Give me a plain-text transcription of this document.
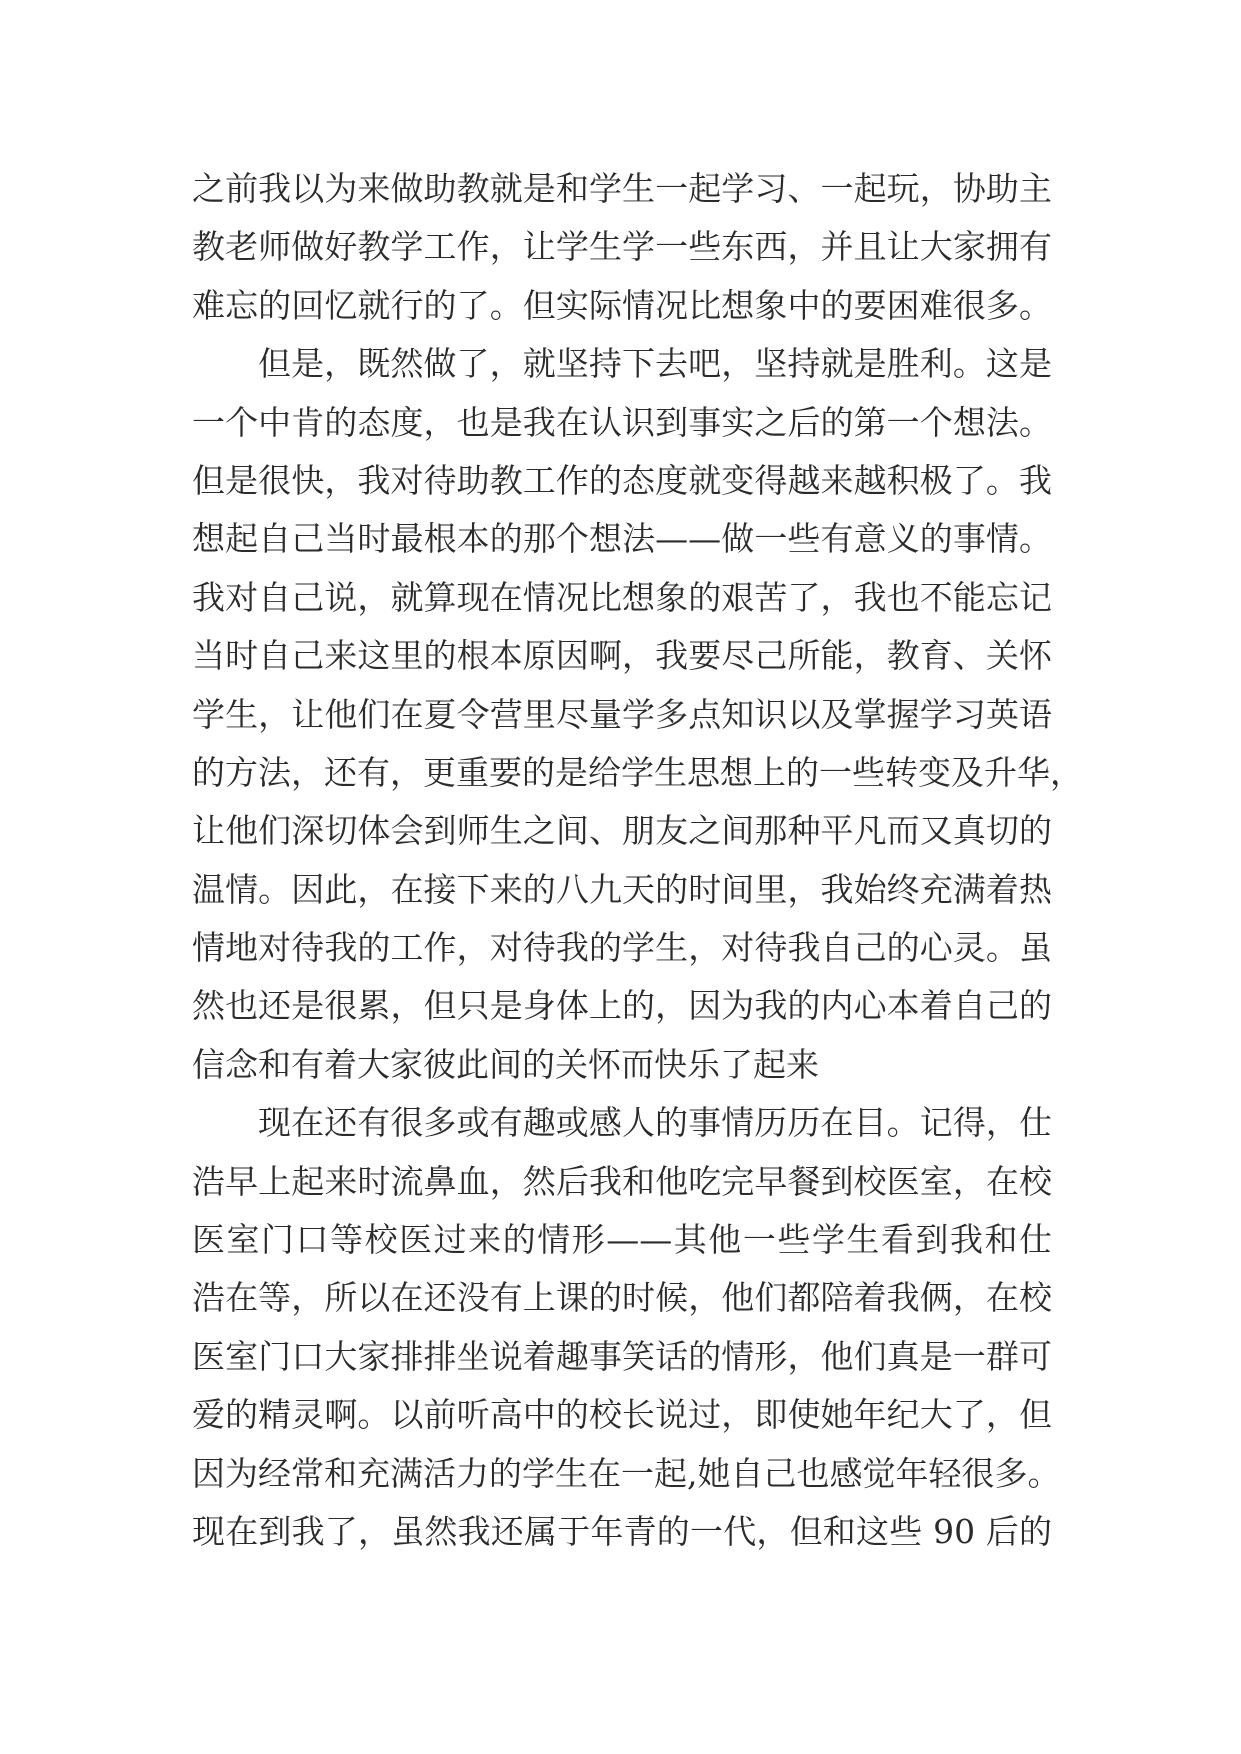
之前我以为来做助教就是和学生一起学习、一起玩，协助主
教老师做好教学工作，让学生学一些东西，并且让大家拥有
难忘的回忆就行的了。但实际情况比想象中的要困难很多。
但是，既然做了，就坚持下去吧，坚持就是胜利。这是
一个中肯的态度，也是我在认识到事实之后的第一个想法。
但是很快，我对待助教工作的态度就变得越来越积极了。我
想起自己当时最根本的那个想法——做一些有意义的事情。
我对自己说，就算现在情况比想象的艰苦了，我也不能忘记
当时自己来这里的根本原因啊，我要尽己所能，教育、关怀
学生，让他们在夏令营里尽量学多点知识以及掌握学习英语
的方法，还有，更重要的是给学生思想上的一些转变及升华，
让他们深切体会到师生之间、朋友之间那种平凡而又真切的
温情。因此，在接下来的八九天的时间里，我始终充满着热
情地对待我的工作，对待我的学生，对待我自己的心灵。虽
然也还是很累，但只是身体上的，因为我的内心本着自己的
信念和有着大家彼此间的关怀而快乐了起来
现在还有很多或有趣或感人的事情历历在目。记得，仕
浩早上起来时流鼻血，然后我和他吃完早餐到校医室，在校
医室门口等校医过来的情形——其他一些学生看到我和仕
浩在等，所以在还没有上课的时候，他们都陪着我俩，在校
医室门口大家排排坐说着趣事笑话的情形，他们真是一群可
爱的精灵啊。以前听高中的校长说过，即使她年纪大了，但
因为经常和充满活力的学生在一起,她自己也感觉年轻很多。
现在到我了，虽然我还属于年青的一代，但和这些 90 后的
